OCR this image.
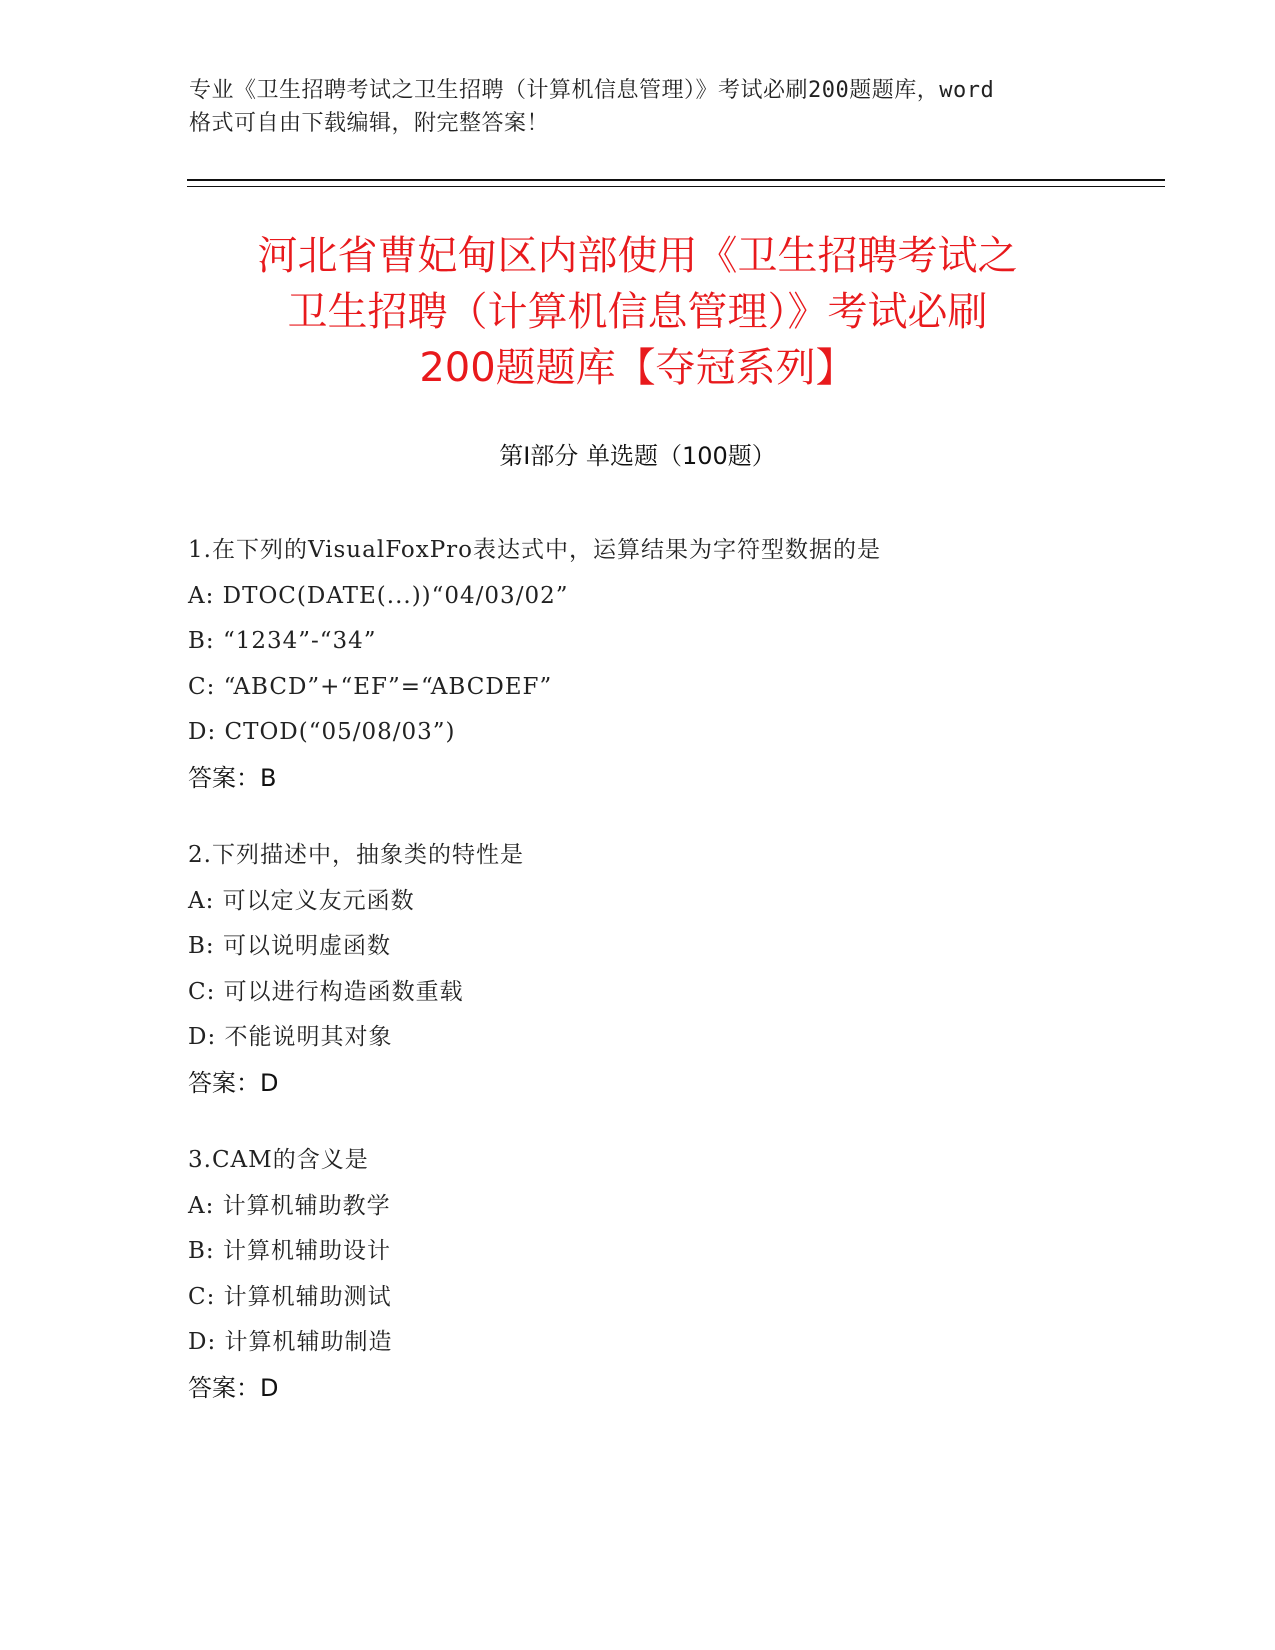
专业《卫生招聘考试之卫生招聘（计算机信息管理）》考试必刷200题题库，word
格式可自由下载编辑，附完整答案！
河北省曹妃甸区内部使用《卫生招聘考试之
卫生招聘（计算机信息管理）》考试必刷
200题题库【夺冠系列】
第Ⅰ部分 单选题（100题）
1.在下列的VisualFoxPro表达式中，运算结果为字符型数据的是
A: DTOC(DATE(...))“04/03/02”
B: “1234”-“34”
C: “ABCD”+“EF”=“ABCDEF”
D: CTOD(“05/08/03”)
答案：B
2.下列描述中，抽象类的特性是
A: 可以定义友元函数
B: 可以说明虚函数
C: 可以进行构造函数重载
D: 不能说明其对象
答案：D
3.CAM的含义是
A: 计算机辅助教学
B: 计算机辅助设计
C: 计算机辅助测试
D: 计算机辅助制造
答案：D
